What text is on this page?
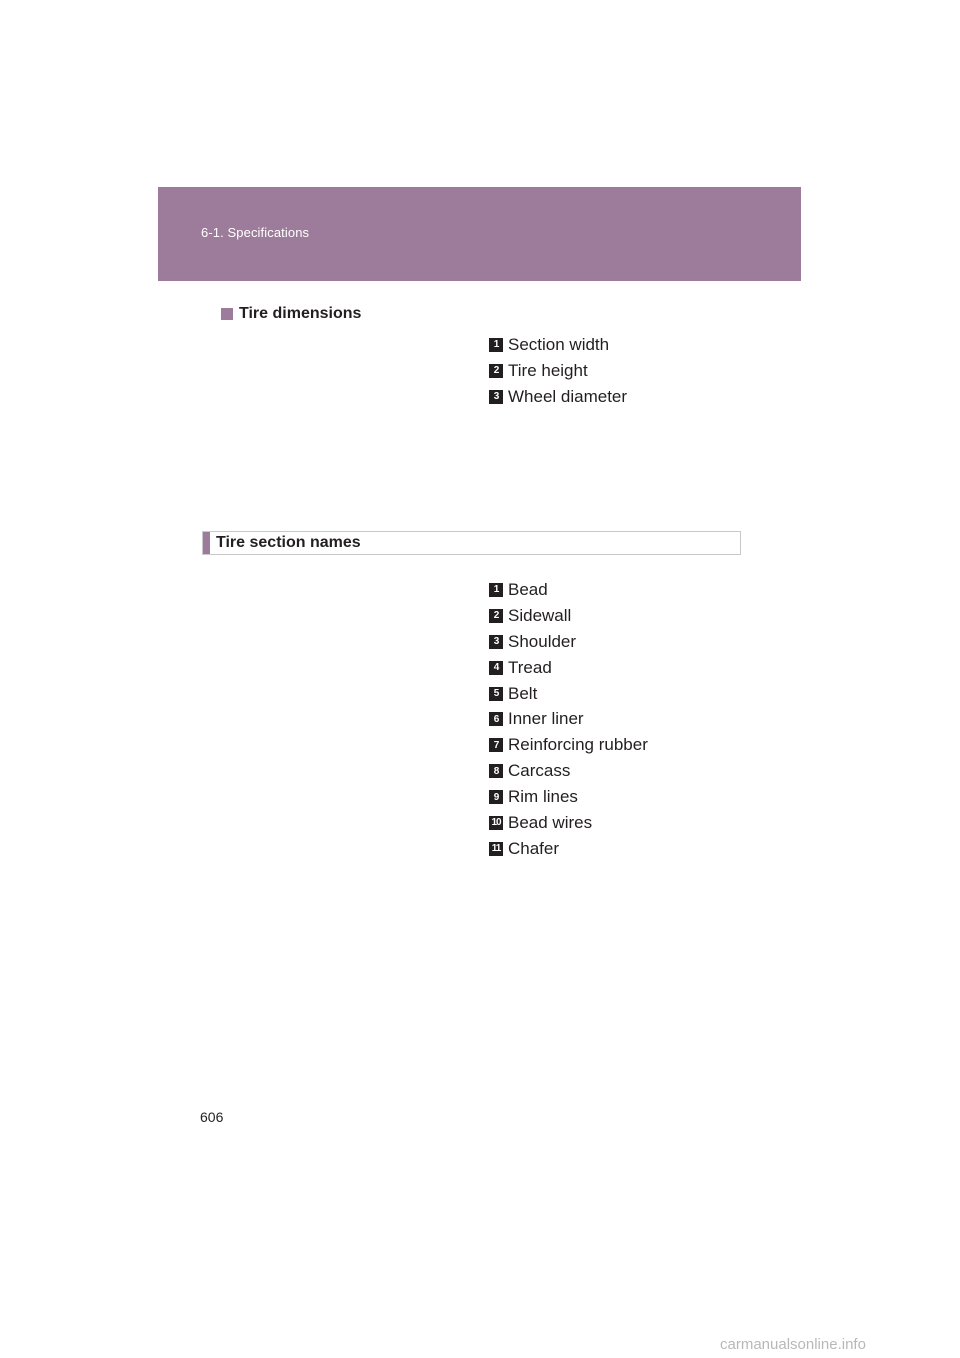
6-1. Specifications
Tire dimensions
1 Section width
2 Tire height
3 Wheel diameter
Tire section names
1 Bead
2 Sidewall
3 Shoulder
4 Tread
5 Belt
6 Inner liner
7 Reinforcing rubber
8 Carcass
9 Rim lines
10 Bead wires
11 Chafer
606
carmanualsonline.info
